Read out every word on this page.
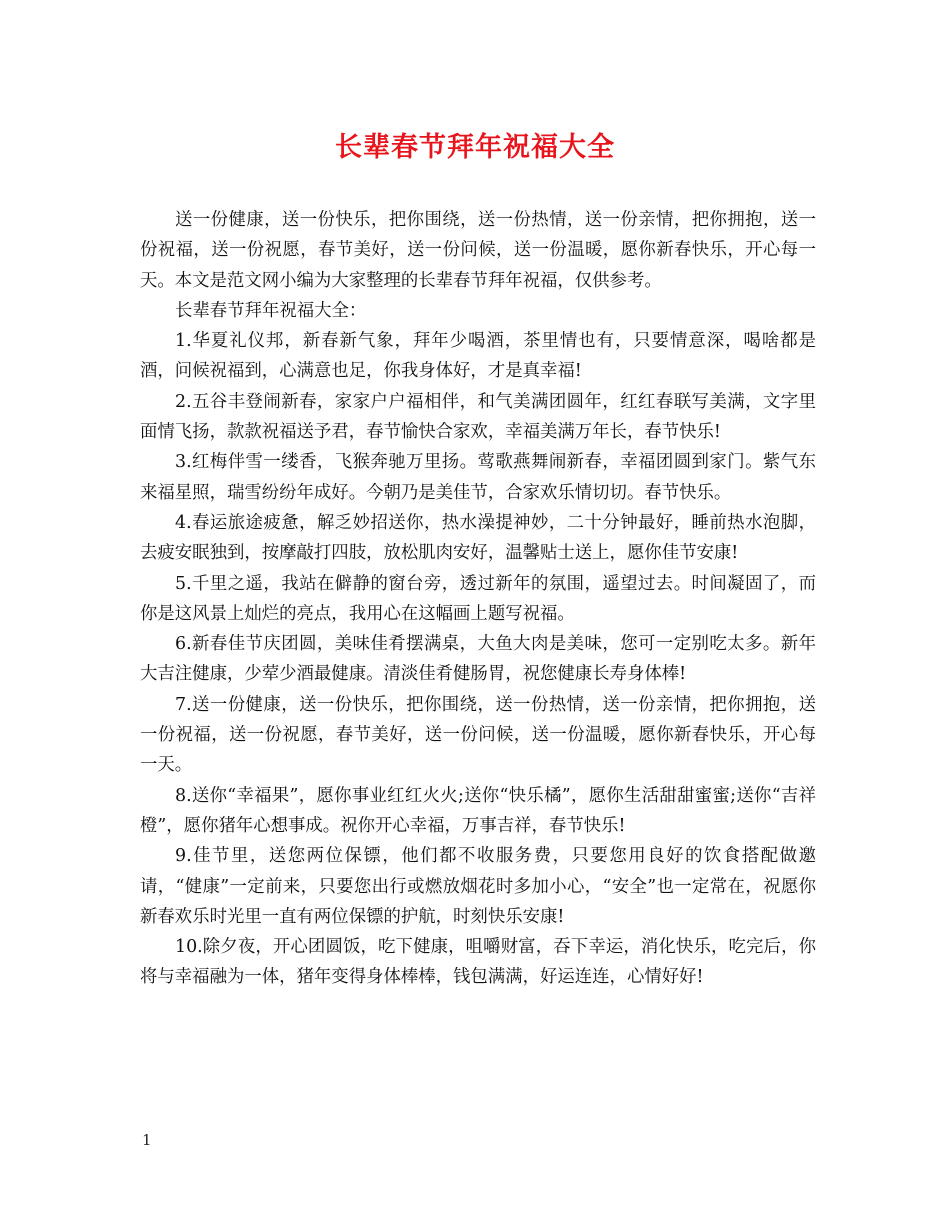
长辈春节拜年祝福大全

送一份健康，送一份快乐，把你围绕，送一份热情，送一份亲情，把你拥抱，送一份祝福，送一份祝愿，春节美好，送一份问候，送一份温暖，愿你新春快乐，开心每一天。本文是范文网小编为大家整理的长辈春节拜年祝福，仅供参考。

长辈春节拜年祝福大全：

1.华夏礼仪邦，新春新气象，拜年少喝酒，茶里情也有，只要情意深，喝啥都是酒，问候祝福到，心满意也足，你我身体好，才是真幸福!

2.五谷丰登闹新春，家家户户福相伴，和气美满团圆年，红红春联写美满，文字里面情飞扬，款款祝福送予君，春节愉快合家欢，幸福美满万年长，春节快乐!

3.红梅伴雪一缕香，飞猴奔驰万里扬。莺歌燕舞闹新春，幸福团圆到家门。紫气东来福星照，瑞雪纷纷年成好。今朝乃是美佳节，合家欢乐情切切。春节快乐。

4.春运旅途疲惫，解乏妙招送你，热水澡提神妙，二十分钟最好，睡前热水泡脚，去疲安眠独到，按摩敲打四肢，放松肌肉安好，温馨贴士送上，愿你佳节安康!

5.千里之遥，我站在僻静的窗台旁，透过新年的氛围，遥望过去。时间凝固了，而你是这风景上灿烂的亮点，我用心在这幅画上题写祝福。

6.新春佳节庆团圆，美味佳肴摆满桌，大鱼大肉是美味，您可一定别吃太多。新年大吉注健康，少荤少酒最健康。清淡佳肴健肠胃，祝您健康长寿身体棒!

7.送一份健康，送一份快乐，把你围绕，送一份热情，送一份亲情，把你拥抱，送一份祝福，送一份祝愿，春节美好，送一份问候，送一份温暖，愿你新春快乐，开心每一天。

8.送你“幸福果”，愿你事业红红火火;送你“快乐橘”，愿你生活甜甜蜜蜜;送你“吉祥橙”，愿你猪年心想事成。祝你开心幸福，万事吉祥，春节快乐!

9.佳节里，送您两位保镖，他们都不收服务费，只要您用良好的饮食搭配做邀请，“健康”一定前来，只要您出行或燃放烟花时多加小心，“安全”也一定常在，祝愿你新春欢乐时光里一直有两位保镖的护航，时刻快乐安康!

10.除夕夜，开心团圆饭，吃下健康，咀嚼财富，吞下幸运，消化快乐，吃完后，你将与幸福融为一体，猪年变得身体棒棒，钱包满满，好运连连，心情好好!

1
